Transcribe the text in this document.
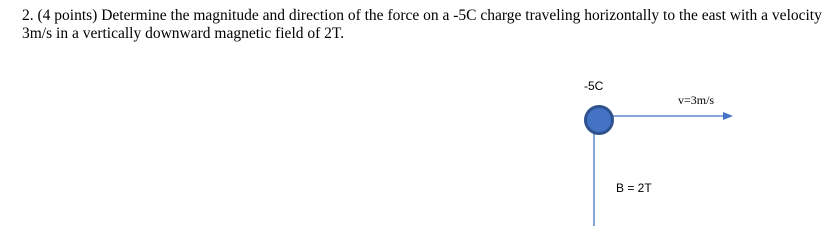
2. (4 points) Determine the magnitude and direction of the force on a -5C charge traveling horizontally to the east with a velocity 3m/s in a vertically downward magnetic field of 2T.

-5C
v=3m/s
B = 2T
